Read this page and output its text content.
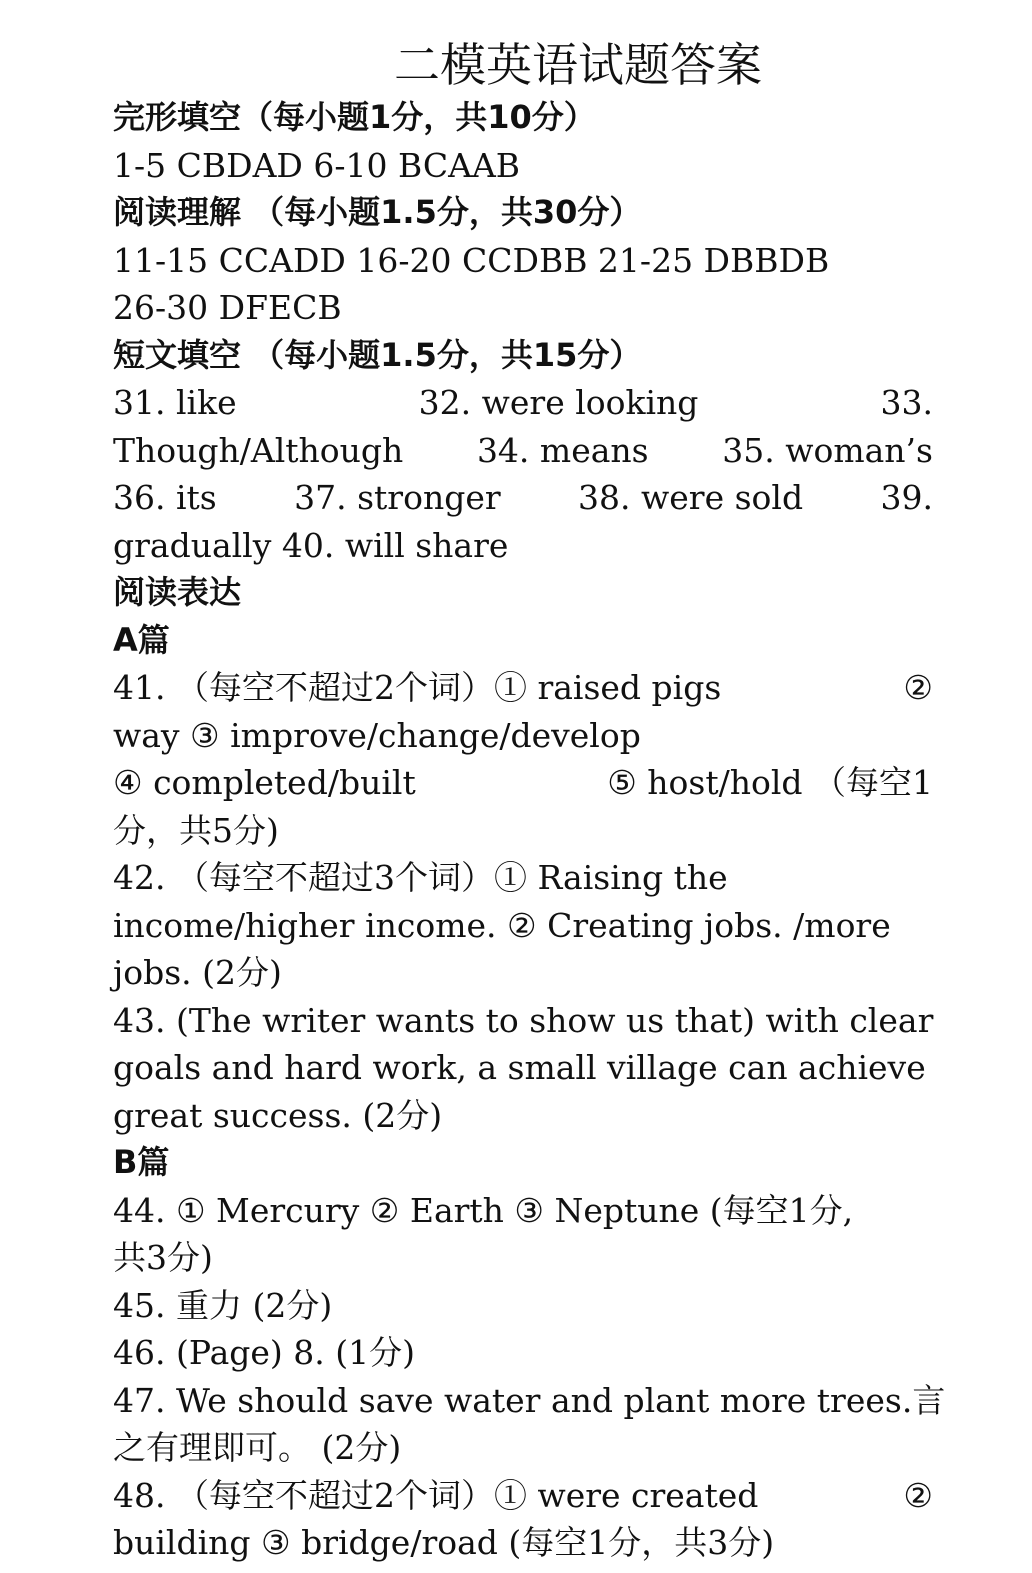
二模英语试题答案
完形填空（每小题1分，共10分）
1-5 CBDAD 6-10 BCAAB
阅读理解 （每小题1.5分，共30分）
11-15 CCADD 16-20 CCDBB 21-25 DBBDB
26-30 DFECB
短文填空 （每小题1.5分，共15分）
31. like	32. were looking	33.
Though/Although 34. means 35. woman’s
36. its 37. stronger 38. were sold 39.
gradually 40. will share
阅读表达
A篇
41. （每空不超过2个词）① raised pigs	②
way ③ improve/change/develop
④ completed/built	⑤ host/hold （每空1
分，共5分)
42. （每空不超过3个词）① Raising the
income/higher income. ② Creating jobs. /more
jobs. (2分)
43. (The writer wants to show us that) with clear
goals and hard work, a small village can achieve
great success. (2分)
B篇
44. ① Mercury ② Earth ③ Neptune (每空1分,
共3分)
45. 重力 (2分)
46. (Page) 8. (1分)
47. We should save water and plant more trees.言
之有理即可。 (2分)
48. （每空不超过2个词）① were created	②
building ③ bridge/road (每空1分，共3分)
